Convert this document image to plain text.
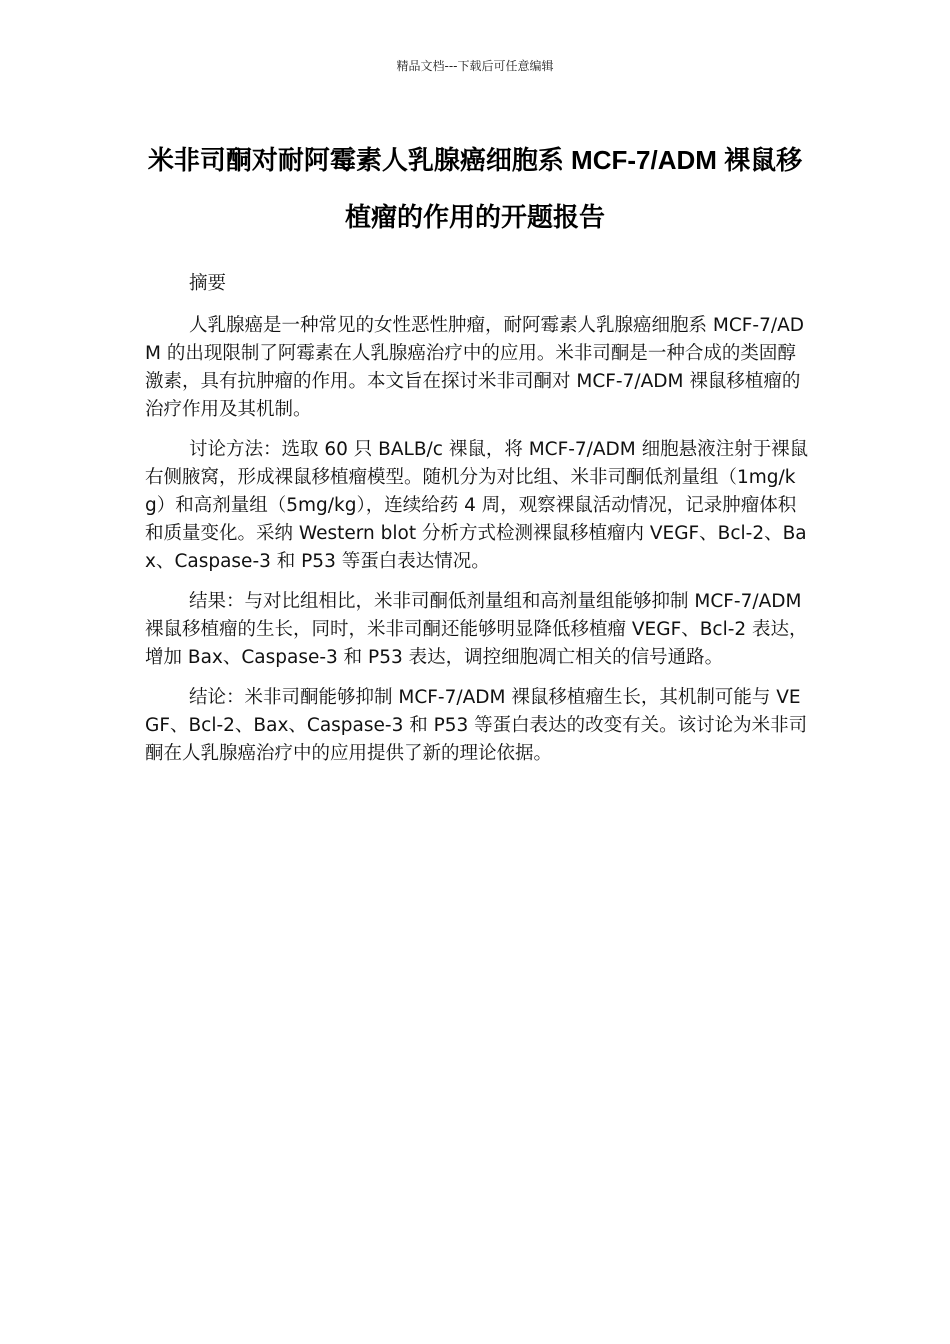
精品文档---下载后可任意编辑
米非司酮对耐阿霉素人乳腺癌细胞系 MCF-7/ADM 裸鼠移植瘤的作用的开题报告

摘要

人乳腺癌是一种常见的女性恶性肿瘤，耐阿霉素人乳腺癌细胞系 MCF-7/ADM 的出现限制了阿霉素在人乳腺癌治疗中的应用。米非司酮是一种合成的类固醇激素，具有抗肿瘤的作用。本文旨在探讨米非司酮对 MCF-7/ADM 裸鼠移植瘤的治疗作用及其机制。

讨论方法：选取 60 只 BALB/c 裸鼠，将 MCF-7/ADM 细胞悬液注射于裸鼠右侧腋窝，形成裸鼠移植瘤模型。随机分为对比组、米非司酮低剂量组（1mg/kg）和高剂量组（5mg/kg），连续给药 4 周，观察裸鼠活动情况，记录肿瘤体积和质量变化。采纳 Western blot 分析方式检测裸鼠移植瘤内 VEGF、Bcl-2、Bax、Caspase-3 和 P53 等蛋白表达情况。

结果：与对比组相比，米非司酮低剂量组和高剂量组能够抑制 MCF-7/ADM 裸鼠移植瘤的生长，同时，米非司酮还能够明显降低移植瘤 VEGF、Bcl-2 表达，增加 Bax、Caspase-3 和 P53 表达，调控细胞凋亡相关的信号通路。

结论：米非司酮能够抑制 MCF-7/ADM 裸鼠移植瘤生长，其机制可能与 VEGF、Bcl-2、Bax、Caspase-3 和 P53 等蛋白表达的改变有关。该讨论为米非司酮在人乳腺癌治疗中的应用提供了新的理论依据。
